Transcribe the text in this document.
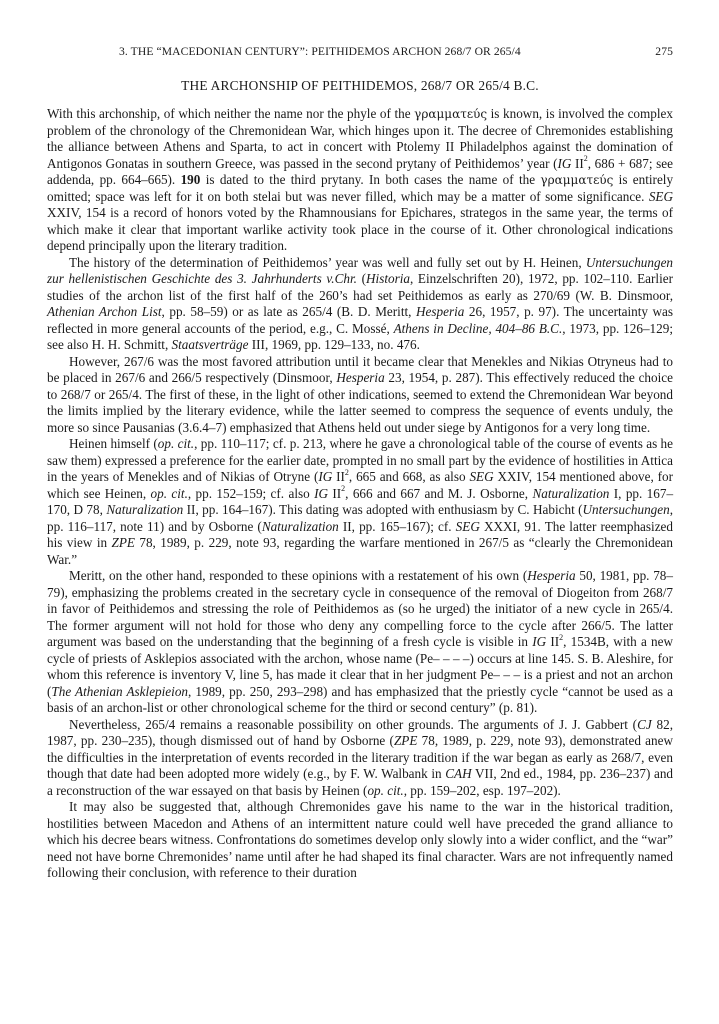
3. THE “MACEDONIAN CENTURY”: PEITHIDEMOS ARCHON 268/7 OR 265/4	275
THE ARCHONSHIP OF PEITHIDEMOS, 268/7 OR 265/4 B.C.

With this archonship, of which neither the name nor the phyle of the γραμματεύς is known, is involved the complex problem of the chronology of the Chremonidean War, which hinges upon it. The decree of Chremonides establishing the alliance between Athens and Sparta, to act in concert with Ptolemy II Philadelphos against the domination of Antigonos Gonatas in southern Greece, was passed in the second prytany of Peithidemos’ year (IG $II^2$, 686 + 687; see addenda, pp. 664–665). 190 is dated to the third prytany. In both cases the name of the γραμματεύς is entirely omitted; space was left for it on both stelai but was never filled, which may be a matter of some significance. SEG XXIV, 154 is a record of honors voted by the Rhamnousians for Epichares, strategos in the same year, the terms of which make it clear that important warlike activity took place in the course of it. Other chronological indications depend principally upon the literary tradition.

The history of the determination of Peithidemos’ year was well and fully set out by H. Heinen, Untersuchungen zur hellenistischen Geschichte des 3. Jahrhunderts v.Chr. (Historia, Einzelschriften 20), 1972, pp. 102–110. Earlier studies of the archon list of the first half of the 260’s had set Peithidemos as early as 270/69 (W. B. Dinsmoor, Athenian Archon List, pp. 58–59) or as late as 265/4 (B. D. Meritt, Hesperia 26, 1957, p. 97). The uncertainty was reflected in more general accounts of the period, e.g., C. Mossé, Athens in Decline, 404–86 B.C., 1973, pp. 126–129; see also H. H. Schmitt, Staatsverträge III, 1969, pp. 129–133, no. 476.

However, 267/6 was the most favored attribution until it became clear that Menekles and Nikias Otryneus had to be placed in 267/6 and 266/5 respectively (Dinsmoor, Hesperia 23, 1954, p. 287). This effectively reduced the choice to 268/7 or 265/4. The first of these, in the light of other indications, seemed to extend the Chremonidean War beyond the limits implied by the literary evidence, while the latter seemed to compress the sequence of events unduly, the more so since Pausanias (3.6.4–7) emphasized that Athens held out under siege by Antigonos for a very long time.

Heinen himself (op. cit., pp. 110–117; cf. p. 213, where he gave a chronological table of the course of events as he saw them) expressed a preference for the earlier date, prompted in no small part by the evidence of hostilities in Attica in the years of Menekles and of Nikias of Otryne (IG $II^2$, 665 and 668, as also SEG XXIV, 154 mentioned above, for which see Heinen, op. cit., pp. 152–159; cf. also IG $II^2$, 666 and 667 and M. J. Osborne, Naturalization I, pp. 167–170, D 78, Naturalization II, pp. 164–167). This dating was adopted with enthusiasm by C. Habicht (Untersuchungen, pp. 116–117, note 11) and by Osborne (Naturalization II, pp. 165–167); cf. SEG XXXI, 91. The latter reemphasized his view in ZPE 78, 1989, p. 229, note 93, regarding the warfare mentioned in 267/5 as “clearly the Chremonidean War.”

Meritt, on the other hand, responded to these opinions with a restatement of his own (Hesperia 50, 1981, pp. 78–79), emphasizing the problems created in the secretary cycle in consequence of the removal of Diogeiton from 268/7 in favor of Peithidemos and stressing the role of Peithidemos as (so he urged) the initiator of a new cycle in 265/4. The former argument will not hold for those who deny any compelling force to the cycle after 266/5. The latter argument was based on the understanding that the beginning of a fresh cycle is visible in IG $II^2$, 1534B, with a new cycle of priests of Asklepios associated with the archon, whose name (Pe– – – –) occurs at line 145. S. B. Aleshire, for whom this reference is inventory V, line 5, has made it clear that in her judgment Pe– – – is a priest and not an archon (The Athenian Asklepieion, 1989, pp. 250, 293–298) and has emphasized that the priestly cycle “cannot be used as a basis of an archon-list or other chronological scheme for the third or second century” (p. 81).

Nevertheless, 265/4 remains a reasonable possibility on other grounds. The arguments of J. J. Gabbert (CJ 82, 1987, pp. 230–235), though dismissed out of hand by Osborne (ZPE 78, 1989, p. 229, note 93), demonstrated anew the difficulties in the interpretation of events recorded in the literary tradition if the war began as early as 268/7, even though that date had been adopted more widely (e.g., by F. W. Walbank in CAH VII, 2nd ed., 1984, pp. 236–237) and a reconstruction of the war essayed on that basis by Heinen (op. cit., pp. 159–202, esp. 197–202).

It may also be suggested that, although Chremonides gave his name to the war in the historical tradition, hostilities between Macedon and Athens of an intermittent nature could well have preceded the grand alliance to which his decree bears witness. Confrontations do sometimes develop only slowly into a wider conflict, and the “war” need not have borne Chremonides’ name until after he had shaped its final character. Wars are not infrequently named following their conclusion, with reference to their duration
